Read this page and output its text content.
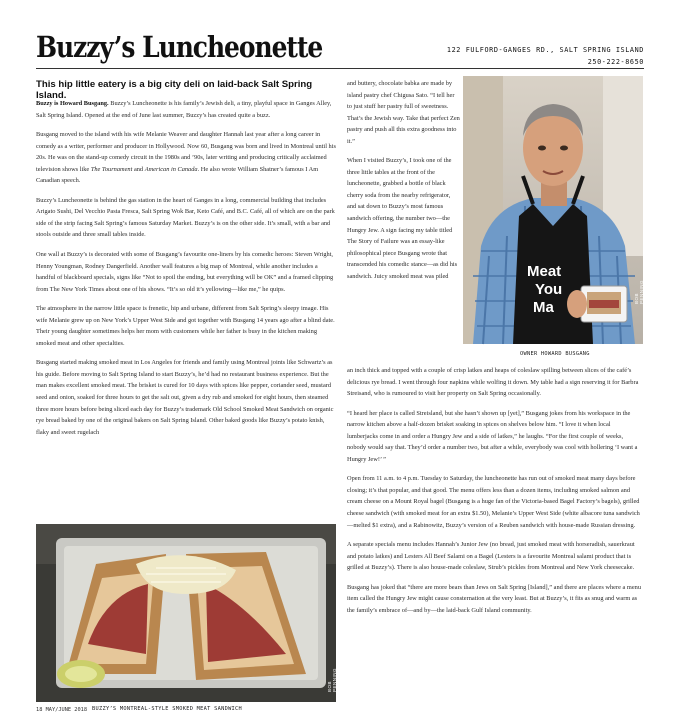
Buzzy’s Luncheonette	122 FULFORD-GANGES RD., SALT SPRING ISLAND
250-222-8650
This hip little eatery is a big city deli on laid-back Salt Spring Island.

Buzzy is Howard Busgang. Buzzy’s Luncheonette is his family’s Jewish deli, a tiny, playful space in Ganges Alley, Salt Spring Island. Opened at the end of June last summer, Buzzy’s has created quite a buzz.

Busgang moved to the island with his wife Melanie Weaver and daughter Hannah last year after a long career in comedy as a writer, performer and producer in Hollywood. Now 60, Busgang was born and lived in Montreal until his 20s. He was on the stand-up comedy circuit in the 1980s and ’90s, later writing and producing critically acclaimed television shows like The Tournament and American in Canada. He also wrote William Shatner’s famous I Am Canadian speech.

Buzzy’s Luncheonette is behind the gas station in the heart of Ganges in a long, commercial building that includes Arigato Sushi, Del Vecchio Pasta Fresca, Salt Spring Wok Bar, Keto Café, and B.C. Café, all of which are on the park side of the strip facing Salt Spring’s famous Saturday Market. Buzzy’s is on the other side. It’s small, with a bar and stools outside and three small tables inside.

One wall at Buzzy’s is decorated with some of Busgang’s favourite one-liners by his comedic heroes: Steven Wright, Henny Youngman, Rodney Dangerfield. Another wall features a big map of Montreal, while another includes a handful of blackboard specials, signs like “Not to spoil the ending, but everything will be OK” and a framed clipping from The New York Times about one of his shows. “It’s so old it’s yellowing—like me,” he quips.

The atmosphere in the narrow little space is frenetic, hip and urbane, different from Salt Spring’s sleepy image. His wife Melanie grew up on New York’s Upper West Side and got together with Busgang 14 years ago after a blind date. Their young daughter sometimes helps her mom with customers while her father is busy in the kitchen making smoked meat and other specialties.

Busgang started making smoked meat in Los Angeles for friends and family using Montreal joints like Schwartz’s as his guide. Before moving to Salt Spring Island to start Buzzy’s, he’d had no restaurant business experience. But the man makes excellent smoked meat. The brisket is cured for 10 days with spices like pepper, coriander seed, mustard seed and onion, soaked for three hours to get the salt out, given a dry rub and smoked for eight hours, then steamed three more hours before being sliced each day for Buzzy’s trademark Old School Smoked Meat Sandwich on organic rye bread baked by one of the original bakers on Salt Spring Island. Other baked goods like Buzzy’s potato knish, flaky and sweet rugelach

and buttery, chocolate babka are made by island pastry chef Chigusa Sato. “I tell her to just stuff her pastry full of sweetness. That’s the Jewish way. Take that perfect Zen pastry and push all this extra goodness into it.”

When I visited Buzzy’s, I took one of the three little tables at the front of the luncheonette, grabbed a bottle of black cherry soda from the nearby refrigerator, and sat down to Buzzy’s most famous sandwich offering, the number two—the Hungry Jew. A sign facing my table titled The Story of Failure was an essay-like philosophical piece Busgang wrote that transcended his comedic stance—as did his sandwich. Juicy smoked meat was piled	Meat You Ma
BOB PENNING
OWNER HOWARD BUSGANG

an inch thick and topped with a couple of crisp latkes and heaps of coleslaw spilling between slices of the café’s delicious rye bread. I went through four napkins while wolfing it down. My table had a sign reserving it for Barbra Streisand, who is rumoured to visit her property on Salt Spring occasionally.

“I heard her place is called Streisland, but she hasn’t shown up [yet],” Busgang jokes from his workspace in the narrow kitchen above a half-dozen brisket soaking in spices on shelves below him. “I love it when local lumberjacks come in and order a Hungry Jew and a side of latkes,” he laughs. “For the first couple of weeks, nobody would say that. They’d order a number two, but after a while, everybody was cool with hollering ‘I want a Hungry Jew!’ ”

Open from 11 a.m. to 4 p.m. Tuesday to Saturday, the luncheonette has run out of smoked meat many days before closing; it’s that popular, and that good. The menu offers less than a dozen items, including smoked salmon and cream cheese on a Mount Royal bagel (Busgang is a huge fan of the Victoria-based Bagel Factory’s bagels), grilled cheese sandwich (with smoked meat for an extra $1.50), Melanie’s Upper West Side (white albacore tuna sandwich—melted $1 extra), and a Rabinowitz, Buzzy’s version of a Reuben sandwich with house-made Russian dressing.

A separate specials menu includes Hannah’s Junior Jew (no bread, just smoked meat with horseradish, sauerkraut and potato latkes) and Lesters All Beef Salami on a Bagel (Lesters is a favourite Montreal salami product that is grilled at Buzzy’s). There is also house-made coleslaw, Strub’s pickles from Montreal and New York cheesecake.

Busgang has joked that “there are more bears than Jews on Salt Spring [Island],” and there are places where a menu item called the Hungry Jew might cause consternation at the very least. But at Buzzy’s, it fits as snug and warm as the family’s embrace of—and by—the laid-back Gulf Island community.

BOB PENNING
BUZZY’S MONTREAL-STYLE SMOKED MEAT SANDWICH
18 MAY/JUNE 2018
